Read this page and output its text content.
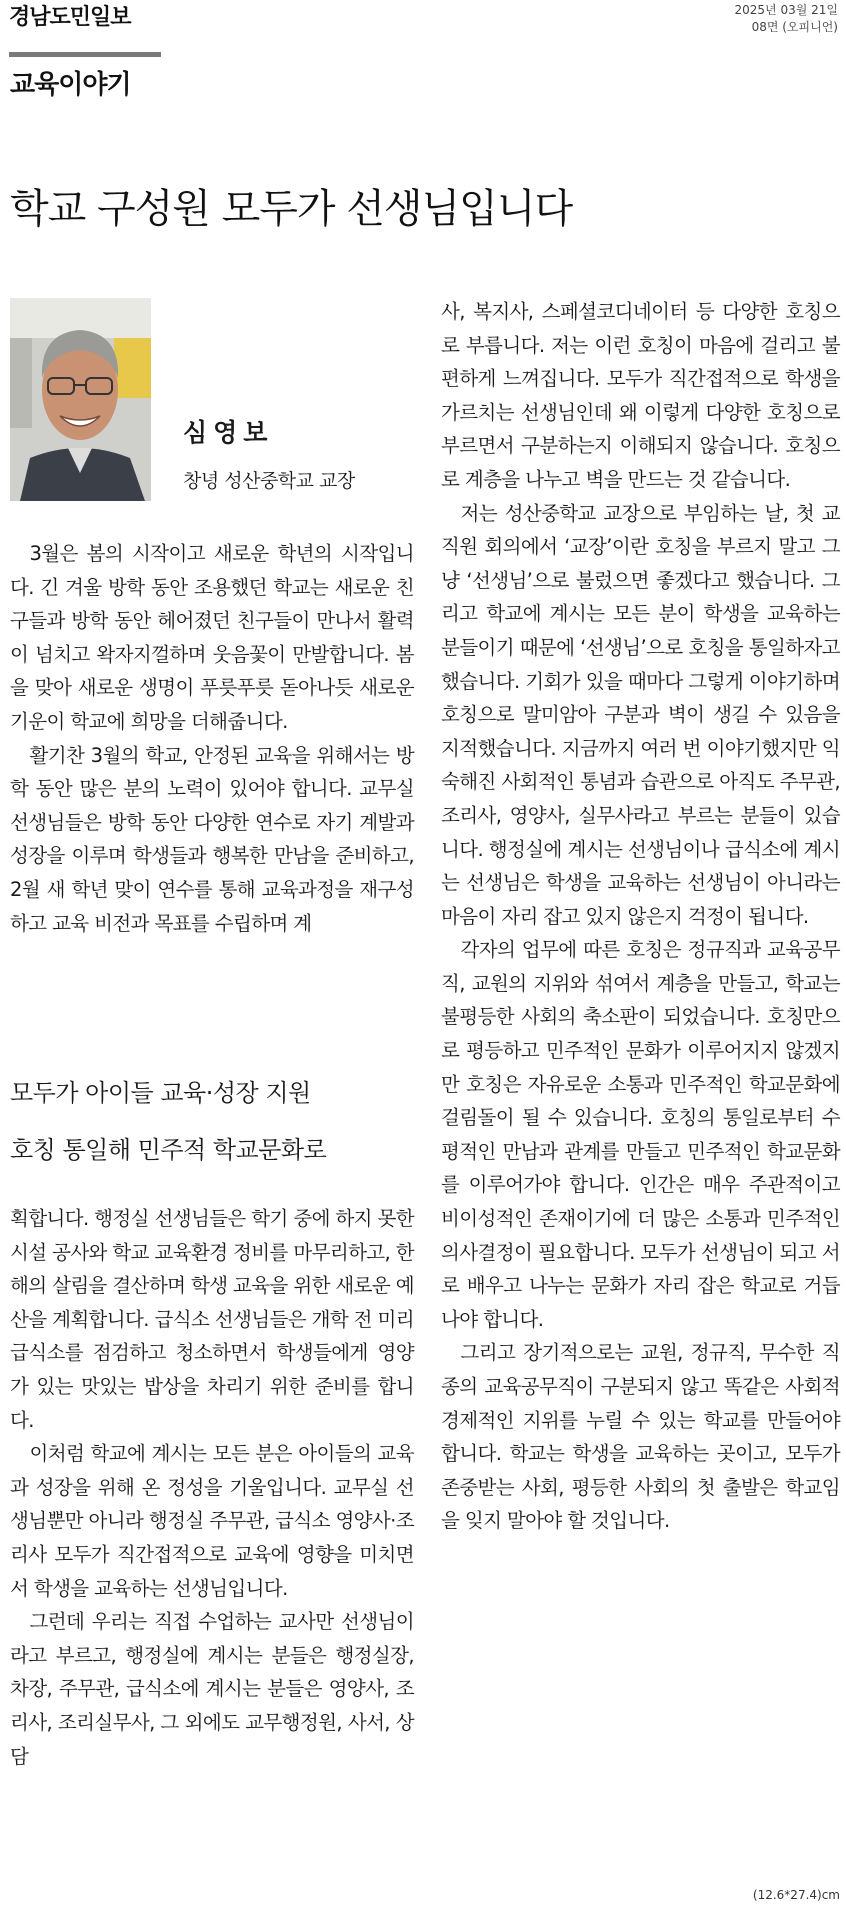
경남도민일보	2025년 03월 21일
08면 (오피니언)
교육이야기
학교 구성원 모두가 선생님입니다
심영보
창녕 성산중학교 교장

3월은 봄의 시작이고 새로운 학년의 시작입니다. 긴 겨울 방학 동안 조용했던 학교는 새로운 친구들과 방학 동안 헤어졌던 친구들이 만나서 활력이 넘치고 왁자지껄하며 웃음꽃이 만발합니다. 봄을 맞아 새로운 생명이 푸릇푸릇 돋아나듯 새로운 기운이 학교에 희망을 더해줍니다.

활기찬 3월의 학교, 안정된 교육을 위해서는 방학 동안 많은 분의 노력이 있어야 합니다. 교무실 선생님들은 방학 동안 다양한 연수로 자기 계발과 성장을 이루며 학생들과 행복한 만남을 준비하고, 2월 새 학년 맞이 연수를 통해 교육과정을 재구성하고 교육 비전과 목표를 수립하며 계

모두가 아이들 교육·성장 지원
호칭 통일해 민주적 학교문화로

획합니다. 행정실 선생님들은 학기 중에 하지 못한 시설 공사와 학교 교육환경 정비를 마무리하고, 한해의 살림을 결산하며 학생 교육을 위한 새로운 예산을 계획합니다. 급식소 선생님들은 개학 전 미리 급식소를 점검하고 청소하면서 학생들에게 영양가 있는 맛있는 밥상을 차리기 위한 준비를 합니다.

이처럼 학교에 계시는 모든 분은 아이들의 교육과 성장을 위해 온 정성을 기울입니다. 교무실 선생님뿐만 아니라 행정실 주무관, 급식소 영양사·조리사 모두가 직간접적으로 교육에 영향을 미치면서 학생을 교육하는 선생님입니다.

그런데 우리는 직접 수업하는 교사만 선생님이라고 부르고, 행정실에 계시는 분들은 행정실장, 차장, 주무관, 급식소에 계시는 분들은 영양사, 조리사, 조리실무사, 그 외에도 교무행정원, 사서, 상담

사, 복지사, 스페셜코디네이터 등 다양한 호칭으로 부릅니다. 저는 이런 호칭이 마음에 걸리고 불편하게 느껴집니다. 모두가 직간접적으로 학생을 가르치는 선생님인데 왜 이렇게 다양한 호칭으로 부르면서 구분하는지 이해되지 않습니다. 호칭으로 계층을 나누고 벽을 만드는 것 같습니다.

저는 성산중학교 교장으로 부임하는 날, 첫 교직원 회의에서 ‘교장’이란 호칭을 부르지 말고 그냥 ‘선생님’으로 불렀으면 좋겠다고 했습니다. 그리고 학교에 계시는 모든 분이 학생을 교육하는 분들이기 때문에 ‘선생님’으로 호칭을 통일하자고 했습니다. 기회가 있을 때마다 그렇게 이야기하며 호칭으로 말미암아 구분과 벽이 생길 수 있음을 지적했습니다. 지금까지 여러 번 이야기했지만 익숙해진 사회적인 통념과 습관으로 아직도 주무관, 조리사, 영양사, 실무사라고 부르는 분들이 있습니다. 행정실에 계시는 선생님이나 급식소에 계시는 선생님은 학생을 교육하는 선생님이 아니라는 마음이 자리 잡고 있지 않은지 걱정이 됩니다.

각자의 업무에 따른 호칭은 정규직과 교육공무직, 교원의 지위와 섞여서 계층을 만들고, 학교는 불평등한 사회의 축소판이 되었습니다. 호칭만으로 평등하고 민주적인 문화가 이루어지지 않겠지만 호칭은 자유로운 소통과 민주적인 학교문화에 걸림돌이 될 수 있습니다. 호칭의 통일로부터 수평적인 만남과 관계를 만들고 민주적인 학교문화를 이루어가야 합니다. 인간은 매우 주관적이고 비이성적인 존재이기에 더 많은 소통과 민주적인 의사결정이 필요합니다. 모두가 선생님이 되고 서로 배우고 나누는 문화가 자리 잡은 학교로 거듭나야 합니다.

그리고 장기적으로는 교원, 정규직, 무수한 직종의 교육공무직이 구분되지 않고 똑같은 사회적 경제적인 지위를 누릴 수 있는 학교를 만들어야 합니다. 학교는 학생을 교육하는 곳이고, 모두가 존중받는 사회, 평등한 사회의 첫 출발은 학교임을 잊지 말아야 할 것입니다.

(12.6*27.4)cm
